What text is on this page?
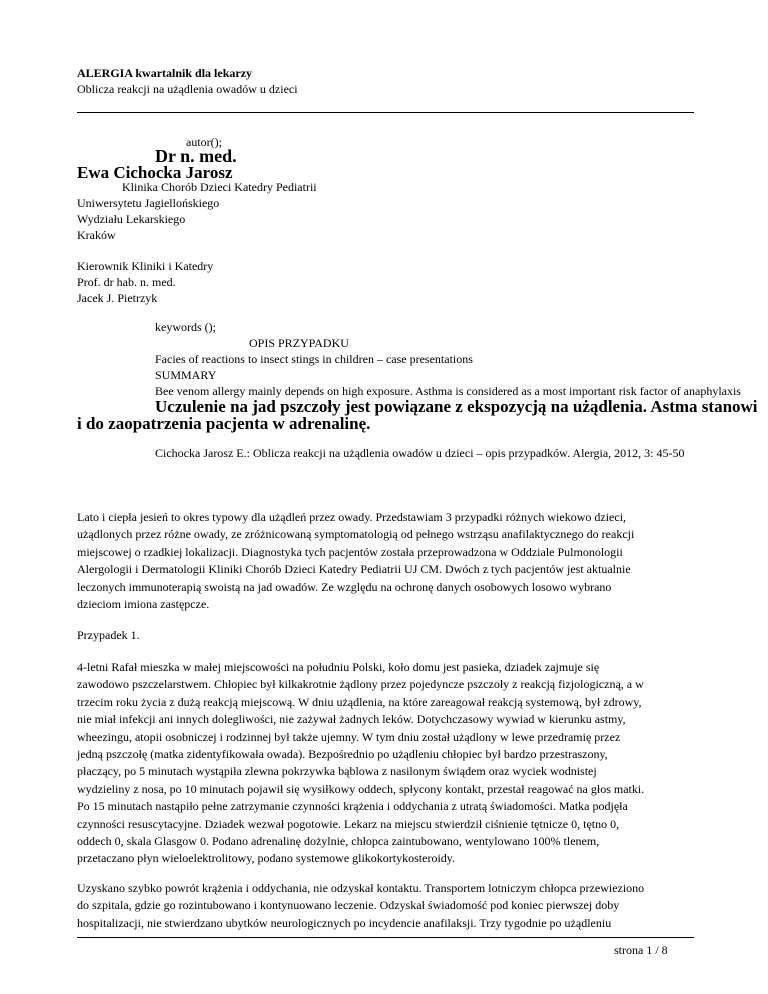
ALERGIA kwartalnik dla lekarzy
Oblicza reakcji na użądlenia owadów u dzieci
autor();
Dr n. med.
Ewa Cichocka Jarosz
Klinika Chorób Dzieci Katedry Pediatrii
Uniwersytetu Jagiellońskiego
Wydziału Lekarskiego
Kraków
Kierownik Kliniki i Katedry
Prof. dr hab. n. med.
Jacek J. Pietrzyk
keywords ();
OPIS PRZYPADKU
Facies of reactions to insect stings in children – case presentations
SUMMARY
Bee venom allergy mainly depends on high exposure. Asthma is considered as a most important risk factor of anaphylaxis
Uczulenie na jad pszczoły jest powiązane z ekspozycją na użądlenia. Astma stanowi
i do zaopatrzenia pacjenta w adrenalinę.
Cichocka Jarosz E.: Oblicza reakcji na użądlenia owadów u dzieci – opis przypadków. Alergia, 2012, 3: 45-50
Lato i ciepła jesień to okres typowy dla użądleń przez owady. Przedstawiam 3 przypadki różnych wiekowo dzieci,
użądlonych przez różne owady, ze zróżnicowaną symptomatologią od pełnego wstrząsu anafilaktycznego do reakcji
miejscowej o rzadkiej lokalizacji. Diagnostyka tych pacjentów została przeprowadzona w Oddziale Pulmonologii
Alergologii i Dermatologii Kliniki Chorób Dzieci Katedry Pediatrii UJ CM. Dwóch z tych pacjentów jest aktualnie
leczonych immunoterapią swoistą na jad owadów. Ze względu na ochronę danych osobowych losowo wybrano
dzieciom imiona zastępcze.
Przypadek 1.
4-letni Rafał mieszka w małej miejscowości na południu Polski, koło domu jest pasieka, dziadek zajmuje się
zawodowo pszczelarstwem. Chłopiec był kilkakrotnie żądlony przez pojedyncze pszczoły z reakcją fizjologiczną, a w
trzecim roku życia z dużą reakcją miejscową. W dniu użądlenia, na które zareagował reakcją systemową, był zdrowy,
nie miał infekcji ani innych dolegliwości, nie zażywał żadnych leków. Dotychczasowy wywiad w kierunku astmy,
wheezingu, atopii osobniczej i rodzinnej był także ujemny. W tym dniu został użądlony w lewe przedramię przez
jedną pszczołę (matka zidentyfikowała owada). Bezpośrednio po użądleniu chłopiec był bardzo przestraszony,
płaczący, po 5 minutach wystąpiła zlewna pokrzywka bąblowa z nasilonym świądem oraz wyciek wodnistej
wydzieliny z nosa, po 10 minutach pojawił się wysiłkowy oddech, spłycony kontakt, przestał reagować na głos matki.
Po 15 minutach nastąpiło pełne zatrzymanie czynności krążenia i oddychania z utratą świadomości. Matka podjęła
czynności resuscytacyjne. Dziadek wezwał pogotowie. Lekarz na miejscu stwierdził ciśnienie tętnicze 0, tętno 0,
oddech 0, skala Glasgow 0. Podano adrenalinę dożylnie, chłopca zaintubowano, wentylowano 100% tlenem,
przetaczano płyn wieloelektrolitowy, podano systemowe glikokortykosteroidy.
Uzyskano szybko powrót krążenia i oddychania, nie odzyskał kontaktu. Transportem lotniczym chłopca przewieziono
do szpitala, gdzie go rozintubowano i kontynuowano leczenie. Odzyskał świadomość pod koniec pierwszej doby
hospitalizacji, nie stwierdzano ubytków neurologicznych po incydencie anafilaksji. Trzy tygodnie po użądleniu
strona 1 / 8
